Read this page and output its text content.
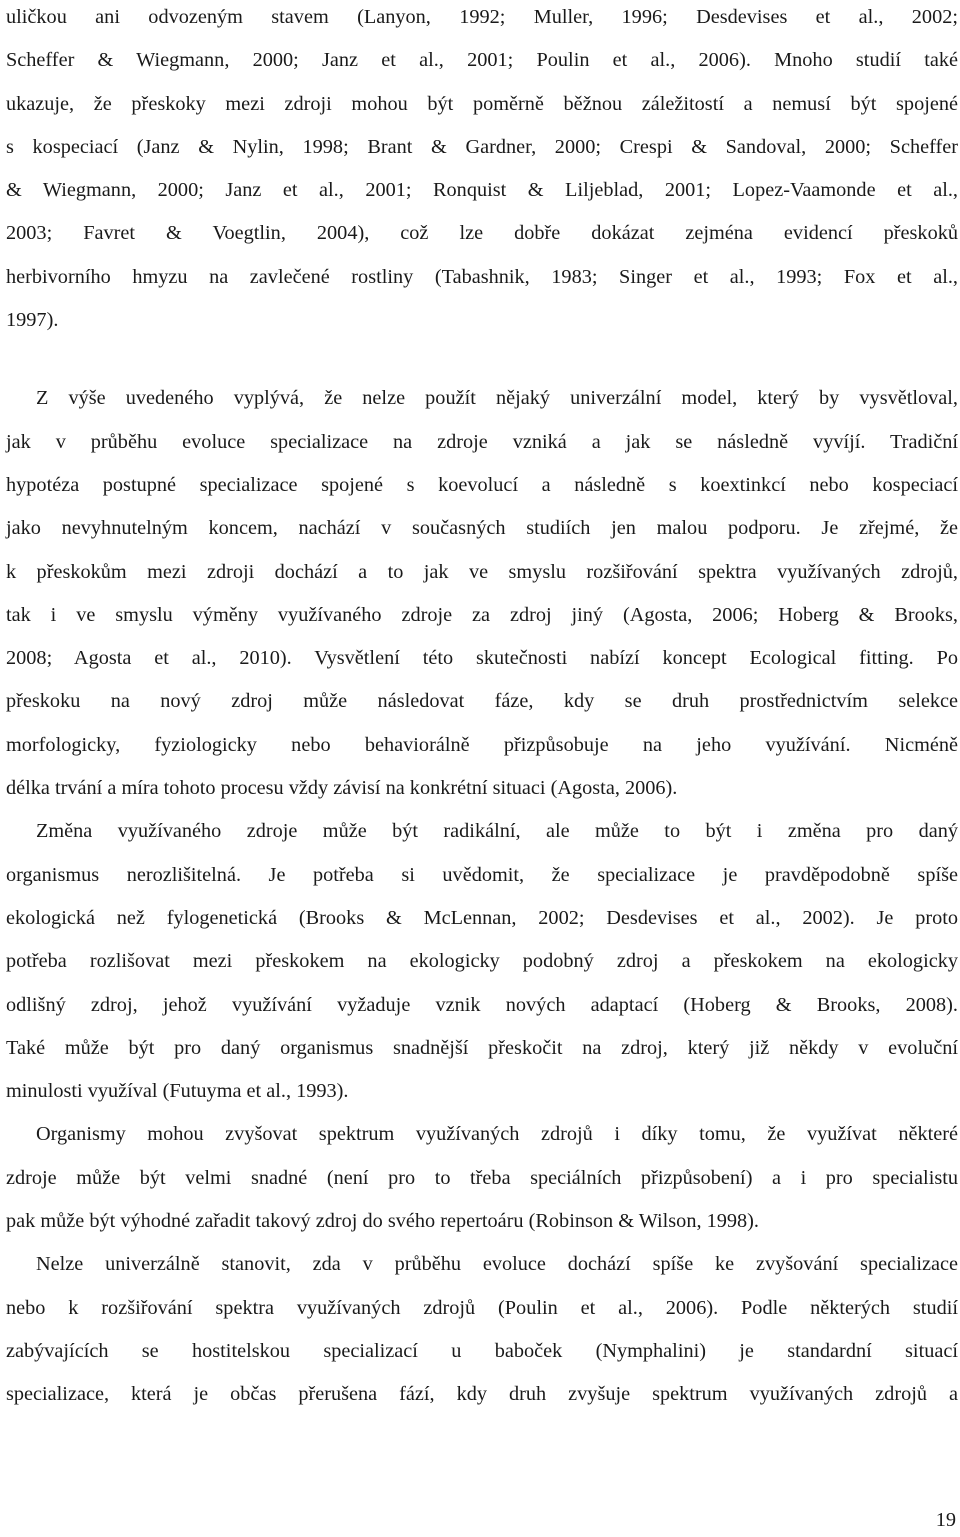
uličkou ani odvozeným stavem (Lanyon, 1992; Muller, 1996; Desdevises et al., 2002;
Scheffer & Wiegmann, 2000; Janz et al., 2001; Poulin et al., 2006). Mnoho studií také
ukazuje, že přeskoky mezi zdroji mohou být poměrně běžnou záležitostí a nemusí být spojené
s kospeciací (Janz & Nylin, 1998; Brant & Gardner, 2000; Crespi & Sandoval, 2000; Scheffer
& Wiegmann, 2000; Janz et al., 2001; Ronquist & Liljeblad, 2001; Lopez-Vaamonde et al.,
2003; Favret & Voegtlin, 2004), což lze dobře dokázat zejména evidencí přeskoků
herbivorního hmyzu na zavlečené rostliny (Tabashnik, 1983; Singer et al., 1993; Fox et al.,
1997).
Z výše uvedeného vyplývá, že nelze použít nějaký univerzální model, který by vysvětloval,
jak v průběhu evoluce specializace na zdroje vzniká a jak se následně vyvíjí. Tradiční
hypotéza postupné specializace spojené s koevolucí a následně s koextinkcí nebo kospeciací
jako nevyhnutelným koncem, nachází v současných studiích jen malou podporu. Je zřejmé, že
k přeskokům mezi zdroji dochází a to jak ve smyslu rozšiřování spektra využívaných zdrojů,
tak i ve smyslu výměny využívaného zdroje za zdroj jiný (Agosta, 2006; Hoberg & Brooks,
2008; Agosta et al., 2010). Vysvětlení této skutečnosti nabízí koncept Ecological fitting. Po
přeskoku na nový zdroj může následovat fáze, kdy se druh prostřednictvím selekce
morfologicky, fyziologicky nebo behaviorálně přizpůsobuje na jeho využívání. Nicméně
délka trvání a míra tohoto procesu vždy závisí na konkrétní situaci (Agosta, 2006).
Změna využívaného zdroje může být radikální, ale může to být i změna pro daný
organismus nerozlišitelná. Je potřeba si uvědomit, že specializace je pravděpodobně spíše
ekologická než fylogenetická (Brooks & McLennan, 2002; Desdevises et al., 2002). Je proto
potřeba rozlišovat mezi přeskokem na ekologicky podobný zdroj a přeskokem na ekologicky
odlišný zdroj, jehož využívání vyžaduje vznik nových adaptací (Hoberg & Brooks, 2008).
Také může být pro daný organismus snadnější přeskočit na zdroj, který již někdy v evoluční
minulosti využíval (Futuyma et al., 1993).
Organismy mohou zvyšovat spektrum využívaných zdrojů i díky tomu, že využívat některé
zdroje může být velmi snadné (není pro to třeba speciálních přizpůsobení) a i pro specialistu
pak může být výhodné zařadit takový zdroj do svého repertoáru (Robinson & Wilson, 1998).
Nelze univerzálně stanovit, zda v průběhu evoluce dochází spíše ke zvyšování specializace
nebo k rozšiřování spektra využívaných zdrojů (Poulin et al., 2006). Podle některých studií
zabývajících se hostitelskou specializací u baboček (Nymphalini) je standardní situací
specializace, která je občas přerušena fází, kdy druh zvyšuje spektrum využívaných zdrojů a
19
